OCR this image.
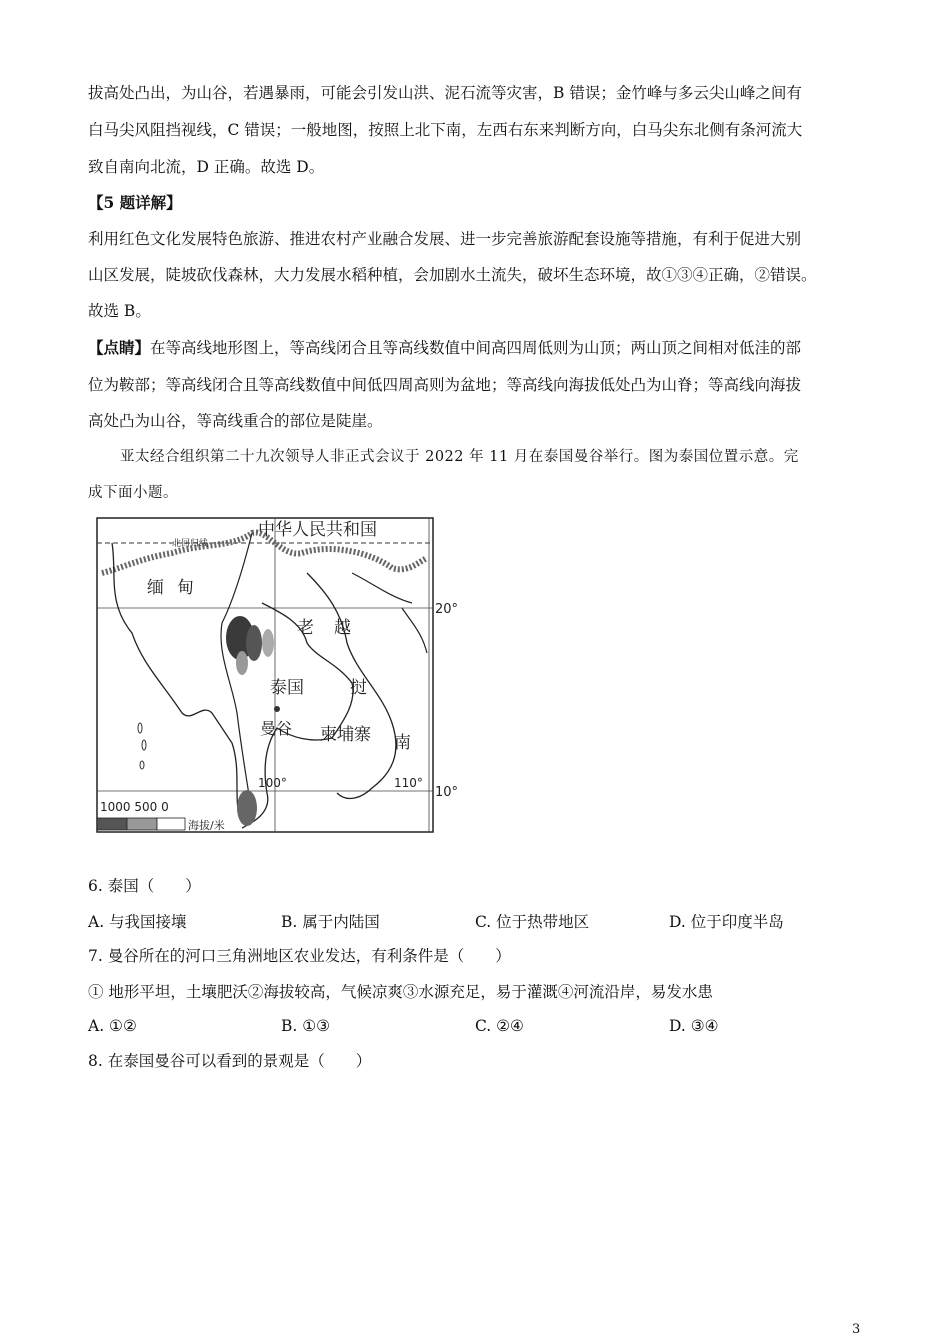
拔高处凸出，为山谷，若遇暴雨，可能会引发山洪、泥石流等灾害，B 错误；金竹峰与多云尖山峰之间有
白马尖风阻挡视线，C 错误；一般地图，按照上北下南，左西右东来判断方向，白马尖东北侧有条河流大
致自南向北流，D 正确。故选 D。
【5 题详解】
利用红色文化发展特色旅游、推进农村产业融合发展、进一步完善旅游配套设施等措施，有利于促进大别
山区发展，陡坡砍伐森林，大力发展水稻种植，会加剧水土流失，破坏生态环境，故①③④正确，②错误。
故选 B。
【点睛】在等高线地形图上，等高线闭合且等高线数值中间高四周低则为山顶；两山顶之间相对低洼的部
位为鞍部；等高线闭合且等高线数值中间低四周高则为盆地；等高线向海拔低处凸为山脊；等高线向海拔
高处凸为山谷，等高线重合的部位是陡崖。
亚太经合组织第二十九次领导人非正式会议于 2022 年 11 月在泰国曼谷举行。图为泰国位置示意。完
成下面小题。
中华人民共和国
北回归线
缅 甸
老 越
挝
南
泰国
曼谷 柬埔寨
20°
10°
100°	110°
1000 500 0
海拔/米
6. 泰国（　　）
A. 与我国接壤	B. 属于内陆国	C. 位于热带地区	D. 位于印度半岛
7. 曼谷所在的河口三角洲地区农业发达，有利条件是（　　）
① 地形平坦，土壤肥沃②海拔较高，气候凉爽③水源充足，易于灌溉④河流沿岸，易发水患
A. ①②	B. ①③	C. ②④	D. ③④
8. 在泰国曼谷可以看到的景观是（　　）
3
